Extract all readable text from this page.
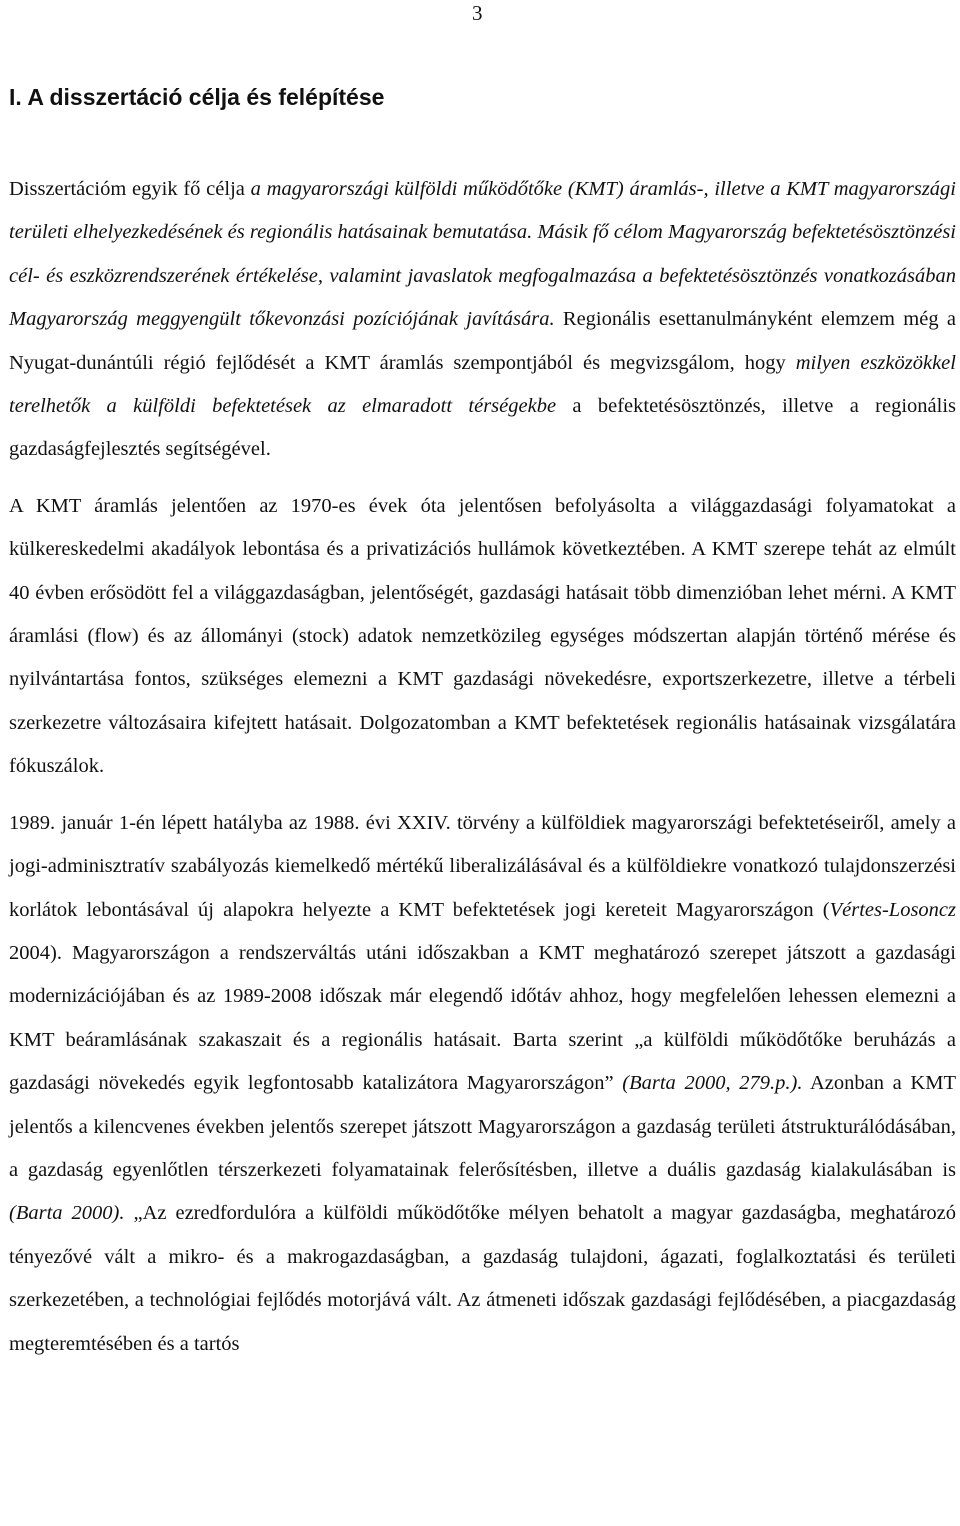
3
I. A disszertáció célja és felépítése

Disszertációm egyik fő célja a magyarországi külföldi működőtőke (KMT) áramlás-, illetve a KMT magyarországi területi elhelyezkedésének és regionális hatásainak bemutatása. Másik fő célom Magyarország befektetésösztönzési cél- és eszközrendszerének értékelése, valamint javaslatok megfogalmazása a befektetésösztönzés vonatkozásában Magyarország meggyengült tőkevonzási pozíciójának javítására. Regionális esettanulmányként elemzem még a Nyugat-dunántúli régió fejlődését a KMT áramlás szempontjából és megvizsgálom, hogy milyen eszközökkel terelhetők a külföldi befektetések az elmaradott térségekbe a befektetésösztönzés, illetve a regionális gazdaságfejlesztés segítségével.

A KMT áramlás jelentően az 1970-es évek óta jelentősen befolyásolta a világgazdasági folyamatokat a külkereskedelmi akadályok lebontása és a privatizációs hullámok következtében. A KMT szerepe tehát az elmúlt 40 évben erősödött fel a világgazdaságban, jelentőségét, gazdasági hatásait több dimenzióban lehet mérni. A KMT áramlási (flow) és az állományi (stock) adatok nemzetközileg egységes módszertan alapján történő mérése és nyilvántartása fontos, szükséges elemezni a KMT gazdasági növekedésre, exportszerkezetre, illetve a térbeli szerkezetre változásaira kifejtett hatásait. Dolgozatomban a KMT befektetések regionális hatásainak vizsgálatára fókuszálok.

1989. január 1-én lépett hatályba az 1988. évi XXIV. törvény a külföldiek magyarországi befektetéseiről, amely a jogi-adminisztratív szabályozás kiemelkedő mértékű liberalizálásával és a külföldiekre vonatkozó tulajdonszerzési korlátok lebontásával új alapokra helyezte a KMT befektetések jogi kereteit Magyarországon (Vértes-Losoncz 2004). Magyarországon a rendszerváltás utáni időszakban a KMT meghatározó szerepet játszott a gazdasági modernizációjában és az 1989-2008 időszak már elegendő időtáv ahhoz, hogy megfelelően lehessen elemezni a KMT beáramlásának szakaszait és a regionális hatásait. Barta szerint „a külföldi működőtőke beruházás a gazdasági növekedés egyik legfontosabb katalizátora Magyarországon” (Barta 2000, 279.p.). Azonban a KMT jelentős a kilencvenes években jelentős szerepet játszott Magyarországon a gazdaság területi átstrukturálódásában, a gazdaság egyenlőtlen térszerkezeti folyamatainak felerősítésben, illetve a duális gazdaság kialakulásában is (Barta 2000). „Az ezredfordulóra a külföldi működőtőke mélyen behatolt a magyar gazdaságba, meghatározó tényezővé vált a mikro- és a makrogazdaságban, a gazdaság tulajdoni, ágazati, foglalkoztatási és területi szerkezetében, a technológiai fejlődés motorjává vált. Az átmeneti időszak gazdasági fejlődésében, a piacgazdaság megteremtésében és a tartós
